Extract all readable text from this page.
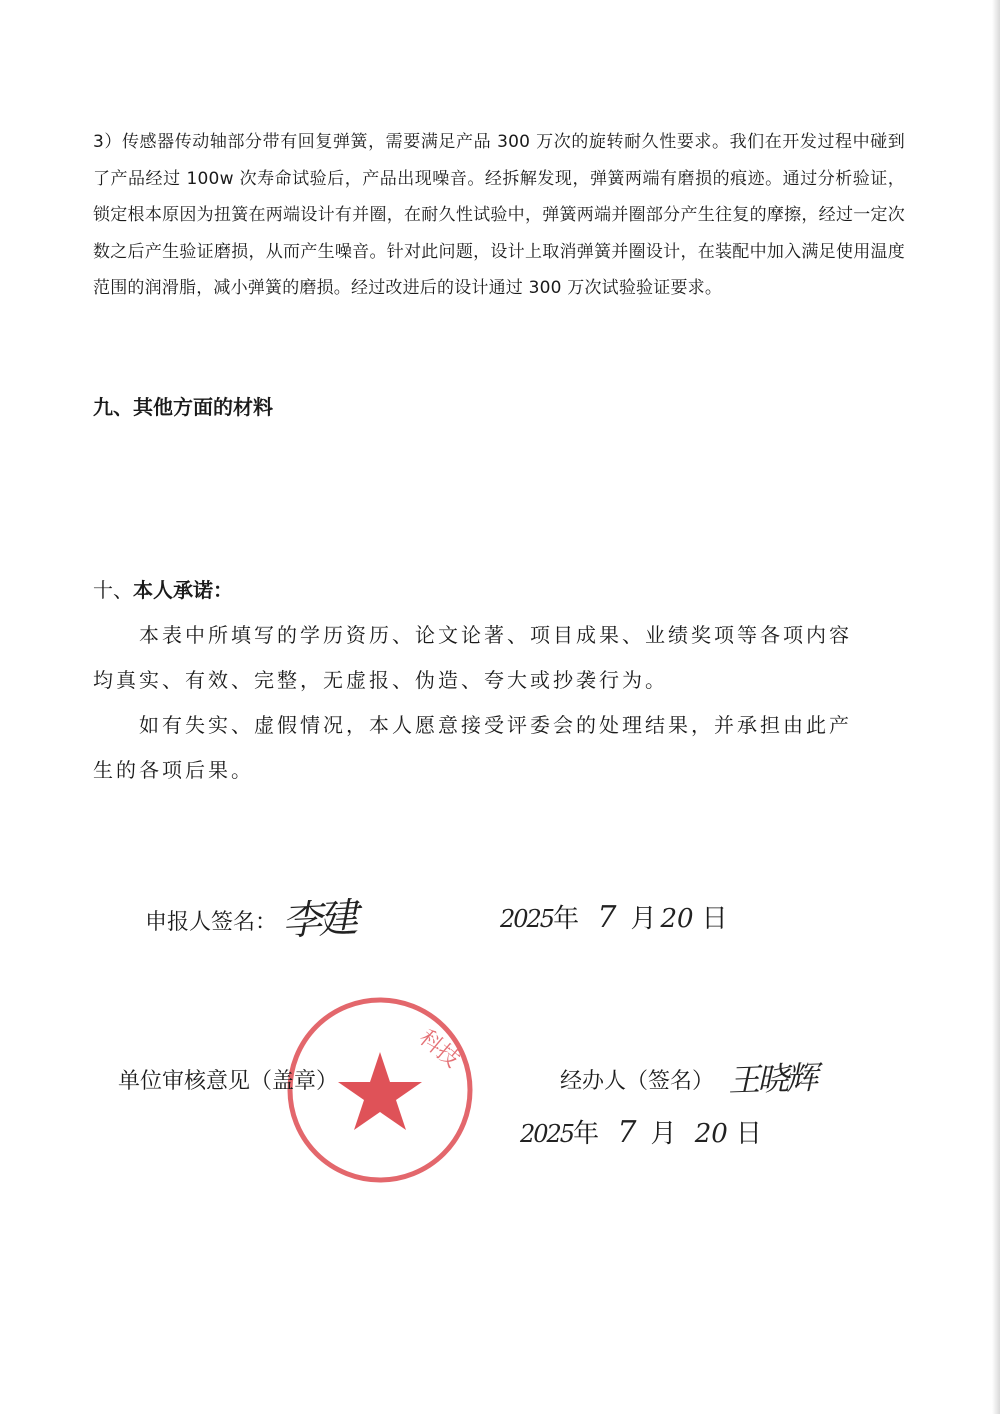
3）传感器传动轴部分带有回复弹簧，需要满足产品 300 万次的旋转耐久性要求。我们在开发过程中碰到了产品经过 100w 次寿命试验后，产品出现噪音。经拆解发现，弹簧两端有磨损的痕迹。通过分析验证，锁定根本原因为扭簧在两端设计有并圈，在耐久性试验中，弹簧两端并圈部分产生往复的摩擦，经过一定次数之后产生验证磨损，从而产生噪音。针对此问题，设计上取消弹簧并圈设计，在装配中加入满足使用温度范围的润滑脂，减小弹簧的磨损。经过改进后的设计通过 300 万次试验验证要求。

九、其他方面的材料
十、本人承诺：

本表中所填写的学历资历、论文论著、项目成果、业绩奖项等各项内容均真实、有效、完整，无虚报、伪造、夸大或抄袭行为。

如有失实、虚假情况，本人愿意接受评委会的处理结果，并承担由此产生的各项后果。

申报人签名： 李建	2025年 7 月 20 日
科技
单位审核意见（盖章）	经办人（签名） 王晓辉
2025年 7 月 20 日
